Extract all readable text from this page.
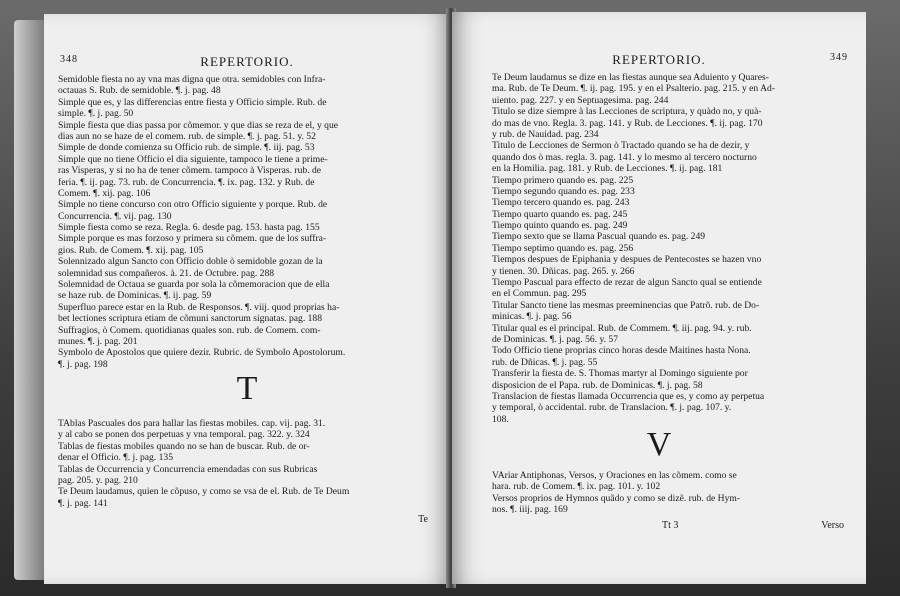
348	REPERTORIO.
Semidoble fiesta no ay vna mas digna que otra. semidobles con Infra-
octauas S. Rub. de semidoble. ¶. j. pag. 48
Simple que es, y las differencias entre fiesta y Officio simple. Rub. de
simple. ¶. j. pag. 50
Simple fiesta que dias passa por cõmemor. y que dias se reza de el, y que
dias aun no se haze de el comem. rub. de simple. ¶. j. pag. 51. y. 52
Simple de donde comienza su Officio rub. de simple. ¶. iij. pag. 53
Simple que no tiene Officio el dia siguiente, tampoco le tiene a prime-
ras Visperas, y si no ha de tener cõmem. tampoco à Visperas. rub. de
feria. ¶. ij. pag. 73. rub. de Concurrencia. ¶. ix. pag. 132. y Rub. de
Comem. ¶. xij. pag. 106
Simple no tiene concurso con otro Officio siguiente y porque. Rub. de
Concurrencia. ¶. vij. pag. 130
Simple fiesta como se reza. Regla. 6. desde pag. 153. hasta pag. 155
Simple porque es mas forzoso y primera su cõmem. que de los suffra-
gios. Rub. de Comem. ¶. xij. pag. 105
Solennizado algun Sancto con Officio doble ò semidoble gozan de la
solemnidad sus compañeros. à. 21. de Octubre. pag. 288
Solemnidad de Octaua se guarda por sola la cõmemoracion que de ella
se haze rub. de Dominicas. ¶. ij. pag. 59
Superfluo parece estar en la Rub. de Responsos. ¶. viij. quod proprias ha-
bet lectiones scriptura etiam de cõmuni sanctorum signatas. pag. 188
Suffragios, ò Comem. quotidianas quales son. rub. de Comem. com-
munes. ¶. j. pag. 201
Symbolo de Apostolos que quiere dezir. Rubric. de Symbolo Apostolorum.
¶. j. pag. 198
T
TAblas Pascuales dos para hallar las fiestas mobiles. cap. vij. pag. 31.
y al cabo se ponen dos perpetuas y vna temporal. pag. 322. y. 324
Tablas de fiestas mobiles quando no se han de buscar. Rub. de or-
denar el Officio. ¶. j. pag. 135
Tablas de Occurrencia y Concurrencia emendadas con sus Rubricas
pag. 205. y. pag. 210
Te Deum laudamus, quien le cõpuso, y como se vsa de el. Rub. de Te Deum
¶. j. pag. 141
Te
REPERTORIO.	349
Te Deum laudamus se dize en las fiestas aunque sea Aduiento y Quares-
ma. Rub. de Te Deum. ¶. ij. pag. 195. y en el Psalterio. pag. 215. y en Ad-
uiento. pag. 227. y en Septuagesima. pag. 244
Titulo se dize siempre à las Lecciones de scriptura, y quàdo no, y quà-
do mas de vno. Regla. 3. pag. 141. y Rub. de Lecciones. ¶. ij. pag. 170
y rub. de Nauidad. pag. 234
Titulo de Lecciones de Sermon ò Tractado quando se ha de dezir, y
quando dos ò mas. regla. 3. pag. 141. y lo mesmo al tercero nocturno
en la Homilia. pag. 181. y Rub. de Lecciones. ¶. ij. pag. 181
Tiempo primero quando es. pag. 225
Tiempo segundo quando es. pag. 233
Tiempo tercero quando es. pag. 243
Tiempo quarto quando es. pag. 245
Tiempo quinto quando es. pag. 249
Tiempo sexto que se llama Pascual quando es. pag. 249
Tiempo septimo quando es. pag. 256
Tiempos despues de Epiphania y despues de Pentecostes se hazen vno
y tienen. 30. Dñicas. pag. 265. y. 266
Tiempo Pascual para effecto de rezar de algun Sancto qual se entiende
en el Commun. pag. 295
Titular Sancto tiene las mesmas preeminencias que Patrõ. rub. de Do-
minicas. ¶. j. pag. 56
Titular qual es el principal. Rub. de Commem. ¶. iij. pag. 94. y. rub.
de Dominicas. ¶. j. pag. 56. y. 57
Todo Officio tiene proprias cinco horas desde Maitines hasta Nona.
rub. de Dñicas. ¶. j. pag. 55
Transferir la fiesta de. S. Thomas martyr al Domingo siguiente por
disposicion de el Papa. rub. de Dominicas. ¶. j. pag. 58
Translacion de fiestas llamada Occurrencia que es, y como ay perpetua
y temporal, ò accidental. rubr. de Translacion. ¶. j. pag. 107. y.
108.
V
VAriar Antiphonas, Versos, y Oraciones en las cõmem. como se
hara. rub. de Comem. ¶. ix. pag. 101. y. 102
Versos proprios de Hymnos quãdo y como se dizẽ. rub. de Hym-
nos. ¶. iiij. pag. 169
Tt 3	Verso
